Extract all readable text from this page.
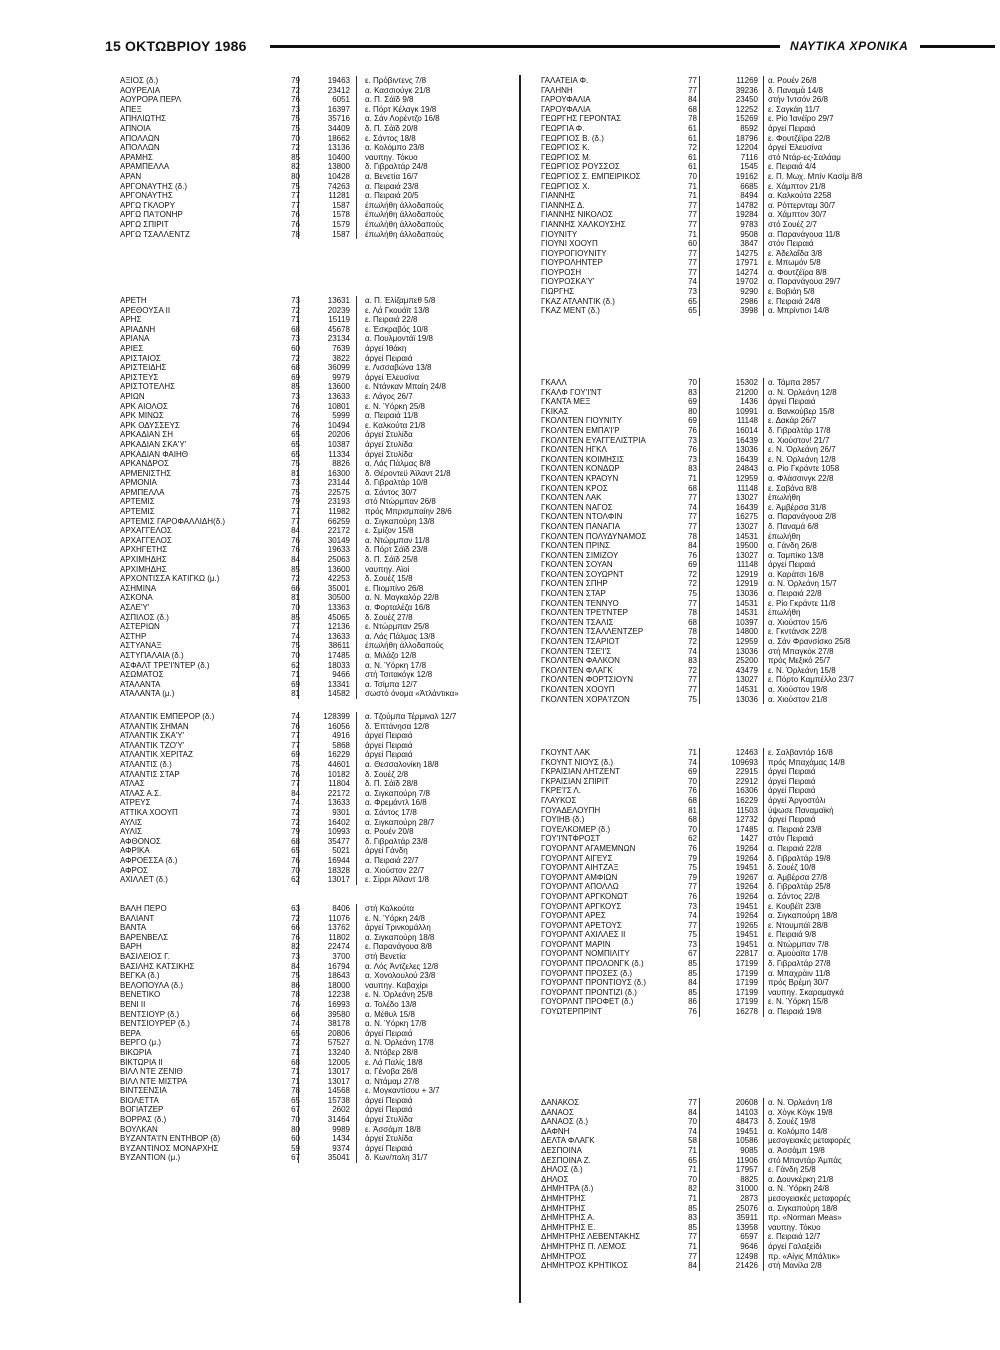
15 ΟΚΤΩΒΡΙΟΥ 1986	ΝΑΥΤΙΚΑ ΧΡΟΝΙΚΑ
ΑΞΙΟΣ (δ.)	79	19463 ε. Πρόβιντενς 7/8
ΑΟΥΡΕΛΙΑ	72	23412 α. Κασσιούγκ 21/8
ΑΟΥΡΟΡΑ ΠΕΡΛ	76	6051 α. Π. Σάϊδ 9/8
ΑΠΕΞ	73	16397 ε. Πόρτ Κέλαγκ 19/8
ΑΠΗΛΙΩΤΗΣ	75	35716 α. Σάν Λορέντζο 16/8
ΑΠΝΟΙΑ	75	34409 δ. Π. Σάϊδ 20/8
ΑΠΟΛΛΩΝ	70	18662 ε. Σάντος 18/8
ΑΠΟΛΛΩΝ	72	13136 α. Κολόμπο 23/8
ΑΡΑΜΗΣ	85	10400 ναυπηγ. Τόκυο
ΑΡΑΜΠΕΛΛΑ	82	13800 δ. Γιβραλτάρ 24/8
ΑΡΑΝ	80	10428 α. Βενετία 16/7
ΑΡΓΟΝΑΥΤΗΣ (δ.)	75	74263 α. Πειραιά 23/8
ΑΡΓΟΝΑΥΤΗΣ	77	11281 α. Πειραιά 20/5
ΑΡΓΩ ΓΚΛΟΡΥ	77	1587 έπωλήθη άλλοδαπούς
ΑΡΓΩ ΠΑ'Ι'ΟΝΗΡ	76	1578 έπωλήθη άλλοδαπούς
ΑΡΓΩ ΣΠΙΡΙΤ	76	1579 έπωλήθη άλλοδαπούς
ΑΡΓΩ ΤΣΑΛΛΕΝΤΖ	78	1587 έπωλήθη άλλοδαπούς
ΑΡΕΤΗ	73	13631 α. Π. Ἐλίζαμπεθ 5/8
ΑΡΕΘΟΥΣΑ ΙΙ	72	20239 ε. Λά Γκουάϊτ 13/8
ΑΡΗΣ	71	15119 ε. Πειραιά 22/8
ΑΡΙΑΔΝΗ	68	45678 ε. Ἐσκραβός 10/8
ΑΡΙΑΝΑ	73	23134 α. Πουλμοντάϊ 19/8
ΑΡΙΕΣ	60	7639 άργεί Ἰθάκη
ΑΡΙΣΤΑΙΟΣ	72	3822 άργεί Πειραιά
ΑΡΙΣΤΕΙΔΗΣ	68	36099 ε. Λισσαβώνα 13/8
ΑΡΙΣΤΕΥΣ	69	9979 άργεί Ἐλευσίνα
ΑΡΙΣΤΟΤΕΛΗΣ	85	13600 ε. Ντάνκαν Μπαίη 24/8
ΑΡΙΩΝ	73	13633 ε. Λάγος 26/7
ΑΡΚ ΑΙΟΛΟΣ	76	10801 ε. Ν. Ὑόρκη 25/8
ΑΡΚ ΜΙΝΩΣ	76	5999 α. Πειραιά 11/8
ΑΡΚ ΟΔΥΣΣΕΥΣ	76	10494 ε. Καλκούτα 21/8
ΑΡΚΑΔΙΑΝ ΣΗ	65	20206 άργεί Στυλίδα
ΑΡΚΑΔΙΑΝ ΣΚΑ'Υ'	65	10387 άργεί Στυλίδα
ΑΡΚΑΔΙΑΝ ΦΑΙΗΘ	65	11334 άργεί Στυλίδα
ΑΡΚΑΝΔΡΟΣ	75	8826 α. Λάς Πάλμας 8/8
ΑΡΜΕΝΙΣΤΗΣ	81	16300 δ. Θέροντεϋ Ἀϊλαντ 21/8
ΑΡΜΟΝΙΑ	73	23144 δ. Γιβραλτάρ 10/8
ΑΡΜΠΕΛΛΑ	75	22575 α. Σάντος 30/7
ΑΡΤΕΜΙΣ	79	23193 στό Ντώρμπαν 26/8
ΑΡΤΕΜΙΣ	77	11982 πρός Μπρισμπαίην 28/6
ΑΡΤΕΜΙΣ ΓΑΡΟΦΑΛΛΙΔΗ(δ.)	77	66259 α. Σιγκαπούρη 13/8
ΑΡΧΑΓΓΕΛΟΣ	84	22172 ε. Σμίζον 15/8
ΑΡΧΑΓΓΕΛΟΣ	76	30149 α. Ντώρμπαν 11/8
ΑΡΧΗΓΕΤΗΣ	76	19633 δ. Πόρτ Σάϊδ 23/8
ΑΡΧΙΜΗΔΗΣ	84	25063 δ. Π. Σάϊδ 25/8
ΑΡΧΙΜΗΔΗΣ	85	13600 ναυπηγ. Αϊοί
ΑΡΧΟΝΤΙΣΣΑ ΚΑΤΙΓΚΩ (μ.)	72	42253 δ. Σουέζ 15/8
ΑΣΗΜΙΝΑ	66	35001 ε. Πιομπίνο 26/8
ΑΣΚΟΝΑ	81	30500 α. Ν. Μαγκαλόρ 22/8
ΑΣΛΕ'Υ'	70	13363 α. Φορταλέζα 16/8
ΑΣΠΙΛΟΣ (δ.)	85	45065 δ. Σουέζ 27/8
ΑΣΤΕΡΙΩΝ	77	12136 ε. Ντώρμπαν 25/8
ΑΣΤΗΡ	74	13633 α. Λάς Πάλμας 13/8
ΑΣΤΥΑΝΑΞ	75	38611 έπωλήθη άλλοδαπούς
ΑΣΤΥΠΑΛΑΙΑ (δ.)	70	17485 α. Μιλάζο 12/8
ΑΣΦΑΛΤ ΤΡΕ'Ι'ΝΤΕΡ (δ.)	62	18033 α. Ν. Ὑόρκη 17/8
ΑΣΩΜΑΤΟΣ	71	9466 στή Τσιτακόγκ 12/8
ΑΤΑΛΑΝΤΑ	69	13341 α. Τσίμπα 12/7
ΑΤΑΛΑΝΤΑ (μ.)	81	14582 σωστό όνομα «Ἀτλάντικα»
ΑΤΛΑΝΤΙΚ ΕΜΠΕΡΟΡ (δ.)	74	128399 α. Τζούμπα Τέρμιναλ 12/7
ΑΤΛΑΝΤΙΚ ΣΗΜΑΝ	76	16056 δ. Ἐπτάνησα 12/8
ΑΤΛΑΝΤΙΚ ΣΚΑ'Υ'	77	4916 άργεί Πειραιά
ΑΤΛΑΝΤΙΚ ΤΖΟ'Υ'	77	5868 άργεί Πειραιά
ΑΤΛΑΝΤΙΚ ΧΕΡΙΤΑΖ	69	16229 άργεί Πειραιά
ΑΤΛΑΝΤΙΣ (δ.)	75	44601 α. Θεσσαλονίκη 18/8
ΑΤΛΑΝΤΙΣ ΣΤΑΡ	76	10182 δ. Σουέζ 2/8
ΑΤΛΑΣ	77	11804 δ. Π. Σάϊδ 28/8
ΑΤΛΑΣ Α.Σ.	84	22172 α. Σιγκαπούρη 7/8
ΑΤΡΕΥΣ	74	13633 α. Φρεμάντλ 16/8
ΑΤΤΙΚΑ ΧΟΟΥΠ	72	9301 α. Σάντος 17/8
ΑΥΛΙΣ	72	16402 α. Σιγκαπούρη 28/7
ΑΥΛΙΣ	79	10993 α. Ρουέν 20/8
ΑΦΘΟΝΟΣ	68	35477 δ. Γιβραλτάρ 23/8
ΑΦΡΙΚΑ	65	5021 άργεί Γάνδη
ΑΦΡΟΕΣΣΑ (δ.)	76	16944 α. Πειραιά 22/7
ΑΦΡΟΣ	70	18328 α. Χιούστον 22/7
ΑΧΙΛΛΕΤ (δ.)	62	13017 ε. Σίρρι Ἀϊλαντ 1/8
ΒΑΛΗ ΠΕΡΟ	63	8406 στή Καλκούτα
ΒΑΛΙΑΝΤ	72	11076 ε. Ν. Ὑόρκη 24/8
ΒΑΝΤΑ	66	13762 άργεί Τρινκομάλλη
ΒΑΡΕΝΒΕΛΣ	76	11802 α. Σιγκαπούρη 18/8
ΒΑΡΗ	82	22474 ε. Παρανάγουα 8/8
ΒΑΣΙΛΕΙΟΣ Γ.	73	3700 στή Βενετία
ΒΑΣΙΛΗΣ ΚΑΤΣΙΚΗΣ	84	16794 α. Λός Ἀντζελες 12/8
ΒΕΓΚΑ (δ.)	75	18643 α. Χονολουλού 23/8
ΒΕΛΟΠΟΥΛΑ (δ.)	86	18000 ναυπηγ. Καβαχίρι
ΒΕΝΕΤΙΚΟ	78	12238 ε. Ν. Ὀρλεάνη 25/8
ΒΕΝΙ ΙΙ	76	16993 α. Τολέδο 13/8
ΒΕΝΤΣΙΟΥΡ (δ.)	66	39580 α. Μέθυλ 15/8
ΒΕΝΤΣΙΟΥΡΕΡ (δ.)	74	38178 α. Ν. Ὑόρκη 17/8
ΒΕΡΑ	65	20806 άργεί Πειραιά
ΒΕΡΓΟ (μ.)	72	57527 α. Ν. Ὀρλεάνη 17/8
ΒΙΚΩΡΙΑ	71	13240 δ. Ντόβερ 28/8
ΒΙΚΤΩΡΙΑ ΙΙ	68	12005 ε. Λά Παλίς 18/8
ΒΙΛΛ ΝΤΕ ΖΕΝΙΘ	71	13017 α. Γένοβα 26/8
ΒΙΛΛ ΝΤΕ ΜΙΣΤΡΑ	71	13017 α. Ντάμαμ 27/8
ΒΙΝΤΣΕΝΣΙΑ	78	14568 ε. Μογκαντίσου + 3/7
ΒΙΟΛΕΤΤΑ	65	15738 άργεί Πειραιά
ΒΟΓΙΑΤΖΕΡ	67	2602 άργεί Πειραιά
ΒΟΡΡΑΣ (δ.)	70	31464 άργεί Στυλίδα
ΒΟΥΛΚΑΝ	80	9989 ε. Ἀσσάμπ 18/8
ΒΥΖΑΝΤΑ'Ι'Ν ΕΝΤΗΒΟΡ (δ)	60	1434 άργεί Στυλίδα
ΒΥΖΑΝΤΙΝΟΣ ΜΟΝΑΡΧΗΣ	59	9374 άργεί Πειραιά
ΒΥΖΑΝΤΙΟΝ (μ.)	67	35041 δ. Κων/πολη 31/7
ΓΑΛΑΤΕΙΑ Φ.	77	11269 α. Ρουέν 26/8
ΓΑΛΗΝΗ	77	39236 δ. Παναμά 14/8
ΓΑΡΟΥΦΑΛΙΑ	84	23450 στήν Ἰντσόν 26/8
ΓΑΡΟΥΦΑΛΙΑ	68	12252 ε. Σαγκάη 11/7
ΓΕΩΡΓΗΣ ΓΕΡΟΝΤΑΣ	78	15269 ε. Ρίο Ἰανέϊρο 29/7
ΓΕΩΡΓΙΑ Φ.	61	8592 άργεί Πειραιά
ΓΕΩΡΓΙΟΣ Β. (δ.)	61	18796 ε. Φουτζέϊρα 22/8
ΓΕΩΡΓΙΟΣ Κ.	72	12204 άργεί Ἐλευσίνα
ΓΕΩΡΓΙΟΣ Μ.	61	7116 στό Ντάρ-ες-Σαλάαμ
ΓΕΩΡΓΙΟΣ ΡΟΥΣΣΟΣ	61	1545 ε. Πειραιά 4/4
ΓΕΩΡΓΙΟΣ Σ. ΕΜΠΕΙΡΙΚΟΣ	70	19162 ε. Π. Μωχ. Μπίν Κασίμ 8/8
ΓΕΩΡΓΙΟΣ Χ.	71	6685 ε. Χάμπτον 21/8
ΓΙΑΝΝΗΣ	71	8494 α. Καλκούτα 2258
ΓΙΑΝΝΗΣ Δ.	77	14782 α. Ρόττερνταμ 30/7
ΓΙΑΝΝΗΣ ΝΙΚΟΛΟΣ	77	19284 α. Χάμπτον 30/7
ΓΙΑΝΝΗΣ ΧΑΛΚΟΥΣΗΣ	77	9783 στό Σουέζ 2/7
ΓΙΟΥΝΙΤΥ	71	9508 α. Παρανάγουα 11/8
ΓΙΟΥΝΙ ΧΟΟΥΠ	60	3847 στόν Πειραιά
ΓΙΟΥΡΟΓΙΟΥΝΙΤΥ	77	14275 ε. Ἀδελαΐδα 3/8
ΓΙΟΥΡΟΛΗΝΤΕΡ	77	17971 ε. Μπωμόν 5/8
ΓΙΟΥΡΟΣΗ	77	14274 α. Φουτζέϊρα 8/8
ΓΙΟΥΡΟΣΚΑ'Υ'	74	19702 α. Παρανάγουα 29/7
ΓΙΩΡΓΗΣ	73	9290 ε. Βοβιάη 5/8
ΓΚΑΖ ΑΤΛΑΝΤΙΚ (δ.)	65	2986 ε. Πειραιά 24/8
ΓΚΑΖ ΜΕΝΤ (δ.)	65	3998 α. Μπρίντισι 14/8
ΓΚΑΛΛ	70	15302 α. Τάμπα 2857
ΓΚΑΛΦ ΓΟΥ'Ι'ΝΤ	83	21200 α. Ν. Ὀρλεάνη 12/8
ΓΚΑΝΤΑ ΜΕΞ	69	1436 άργεί Πειραιά
ΓΚΙΚΑΣ	80	10991 α. Βανκούβερ 15/8
ΓΚΟΛΝΤΕΝ ΓΙΟΥΝΙΤΥ	69	11148 ε. Δακάρ 26/7
ΓΚΟΛΝΤΕΝ ΕΜΠΑ'Ι'Ρ	76	16014 δ. Γιβραλτάρ 17/8
ΓΚΟΛΝΤΕΝ ΕΥΑΓΓΕΛΙΣΤΡΙΑ	73	16439 α. Χιούστον! 21/7
ΓΚΟΛΝΤΕΝ ΗΓΚΛ	76	13036 ε. Ν. Ὀρλεάνη 26/7
ΓΚΟΛΝΤΕΝ ΚΟΙΜΗΣΙΣ	73	16439 ε. Ν. Ὀρλεάνη 12/8
ΓΚΟΛΝΤΕΝ ΚΟΝΔΩΡ	83	24843 α. Ρίο Γκράντε 1058
ΓΚΟΛΝΤΕΝ ΚΡΑΟΥΝ	71	12959 α. Φλάσσινγκ 22/8
ΓΚΟΛΝΤΕΝ ΚΡΟΣ	68	11148 ε. Σαβάνα 8/8
ΓΚΟΛΝΤΕΝ ΛΑΚ	77	13027 έπωλήθη
ΓΚΟΛΝΤΕΝ ΝΑΓΟΣ	74	16439 ε. Ἀμβέρσα 31/8
ΓΚΟΛΝΤΕΝ ΝΤΟΛΦΙΝ	77	16275 α. Παρανάγουα 2/8
ΓΚΟΛΝΤΕΝ ΠΑΝΑΓΙΑ	77	13027 δ. Παναμά 6/8
ΓΚΟΛΝΤΕΝ ΠΟΛΥΔΥΝΑΜΟΣ	78	14531 έπωλήθη
ΓΚΟΛΝΤΕΝ ΠΡΙΝΣ	84	19500 α. Γάνδη 26/8
ΓΚΟΛΝΤΕΝ ΣΙΜΙΖΟΥ	76	13027 α. Ταμπίκο 13/8
ΓΚΟΛΝΤΕΝ ΣΟΥΑΝ	69	11148 άργεί Πειραιά
ΓΚΟΛΝΤΕΝ ΣΟΥΩΡΝΤ	72	12919 α. Καράτσι 16/8
ΓΚΟΛΝΤΕΝ ΣΠΗΡ	72	12919 α. Ν. Ὀρλεάνη 15/7
ΓΚΟΛΝΤΕΝ ΣΤΑΡ	75	13036 α. Πειραιά 22/8
ΓΚΟΛΝΤΕΝ ΤΕΝΝΥΟ	77	14531 ε. Ρίο Γκράντε 11/8
ΓΚΟΛΝΤΕΝ ΤΡΕ'Ι'ΝΤΕΡ	78	14531 έπωλήθη
ΓΚΟΛΝΤΕΝ ΤΣΑΛΙΣ	68	10397 α. Χιούστον 15/6
ΓΚΟΛΝΤΕΝ ΤΣΑΛΛΕΝΤΖΕΡ	78	14800 ε. Γκντάνσκ 22/8
ΓΚΟΛΝΤΕΝ ΤΣΑΡΙΟΤ	72	12959 α. Σάν Φρανσίσκο 25/8
ΓΚΟΛΝΤΕΝ ΤΣΕ'Ι'Σ	74	13036 στή Μπαγκόκ 27/8
ΓΚΟΛΝΤΕΝ ΦΑΛΚΟΝ	83	25200 πρός Μεξικό 25/7
ΓΚΟΛΝΤΕΝ ΦΛΑΓΚ	72	43479 ε. Ν. Ὀρλεάνη 15/8
ΓΚΟΛΝΤΕΝ ΦΟΡΤΣΙΟΥΝ	77	13027 ε. Πόρτο Καμπέλλο 23/7
ΓΚΟΛΝΤΕΝ ΧΟΟΥΠ	77	14531 α. Χιούστον 19/8
ΓΚΟΛΝΤΕΝ ΧΟΡΑ'Ι'ΖΟΝ	75	13036 α. Χιούστον 21/8
ΓΚΟΥΝΤ ΛΑΚ	71	12463 ε. Σαλβαντόρ 16/8
ΓΚΟΥΝΤ ΝΙΟΥΣ (δ.)	74	109693 πρός Μπαχάμας 14/8
ΓΚΡΑΙΣΙΑΝ ΛΗΤΖΕΝΤ	69	22915 άργεί Πειραιά
ΓΚΡΑΙΣΙΑΝ ΣΠΙΡΙΤ	70	22912 άργεί Πειραιά
ΓΚΡΕ'Ι'Σ Λ.	76	16306 άργεί Πειραιά
ΓΛΑΥΚΟΣ	68	16229 άργεί Ἀργοστόλι
ΓΟΥΑΔΕΛΟΥΠΗ	81	11503 ύψωσε Παναμαϊκή
ΓΟΥΙΗΒ (δ.)	68	12732 άργεί Πειραιά
ΓΟΥΕΛΚΟΜΕΡ (δ.)	70	17485 α. Πειραιά 23/8
ΓΟΥ'Ι'ΝΤΦΡΟΣΤ	62	1427 στόν Πειραιά
ΓΟΥΟΡΛΝΤ ΑΓΑΜΕΜΝΩΝ	76	19264 α. Πειραιά 22/8
ΓΟΥΟΡΛΝΤ ΑΙΓΕΥΣ	79	19264 δ. Γιβραλτάρ 19/8
ΓΟΥΟΡΛΝΤ ΑΙΗΤΖΑΞ	75	19451 δ. Σουέζ 10/8
ΓΟΥΟΡΛΝΤ ΑΜΦΙΩΝ	79	19267 α. Ἀμβέρσα 27/8
ΓΟΥΟΡΛΝΤ ΑΠΟΛΛΩ	77	19264 δ. Γιβραλτάρ 25/8
ΓΟΥΟΡΛΝΤ ΑΡΓΚΟΝΩΤ	76	19264 α. Σάντος 22/8
ΓΟΥΟΡΛΝΤ ΑΡΓΚΟΥΣ	73	19451 ε. Κουβέϊτ 23/8
ΓΟΥΟΡΛΝΤ ΑΡΕΣ	74	19264 α. Σιγκαπούρη 18/8
ΓΟΥΟΡΛΝΤ ΑΡΕΤΟΥΣ	77	19265 ε. Ντουμπάϊ 28/8
ΓΟΥΟΡΛΝΤ ΑΧΙΛΛΕΣ ΙΙ	75	19451 ε. Πειραιά 9/8
ΓΟΥΟΡΛΝΤ ΜΑΡΙΝ	73	19451 α. Ντώρμπαν 7/8
ΓΟΥΟΡΛΝΤ ΝΟΜΠΙΛΙΤΥ	67	22817 α. Ἀμούαϊτα 17/8
ΓΟΥΟΡΛΝΤ ΠΡΟΛΟΝΓΚ (δ.)	85	17199 δ. Γιβραλτάρ 27/8
ΓΟΥΟΡΛΝΤ ΠΡΟΣΕΣ (δ.)	85	17199 α. Μπαχράιν 11/8
ΓΟΥΟΡΛΝΤ ΠΡΟΝΤΙΟΥΣ (δ.)	84	17199 πρός Βρέμη 30/7
ΓΟΥΟΡΛΝΤ ΠΡΟΝΤΙΖΙ (δ.)	85	17199 ναυπηγ. Σκαραμαγκά
ΓΟΥΟΡΛΝΤ ΠΡΟΦΕΤ (δ.)	86	17199 ε. Ν. Ὑόρκη 15/8
ΓΟΥΩΤΕΡΠΡΙΝΤ	76	16278 α. Πειραιά 19/8
ΔΑΝΑΚΟΣ	77	20608 α. Ν. Ὀρλεάνη 1/8
ΔΑΝΑΟΣ	84	14103 α. Χόγκ Κόγκ 19/8
ΔΑΝΑΟΣ (δ.)	70	48473 δ. Σουέζ 19/8
ΔΑΦΝΗ	74	19451 α. Κολόμπο 14/8
ΔΕΛΤΑ ΦΛΑΓΚ	58	10586 μεσογειακές μεταφορές
ΔΕΣΠΟΙΝΑ	71	9085 α. Ἀσσάμπ 19/8
ΔΕΣΠΟΙΝΑ Ζ.	65	11906 στό Μπαντάρ Ἀμπάς
ΔΗΛΟΣ (δ.)	71	17957 ε. Γάνδη 25/8
ΔΗΛΟΣ	70	8825 α. Δουνκέρκη 21/8
ΔΗΜΗΤΡΑ (δ.)	82	31000 α. Ν. Ὑόρκη 24/8
ΔΗΜΗΤΡΗΣ	71	2873 μεσογειακές μεταφορές
ΔΗΜΗΤΡΗΣ	85	25076 α. Σιγκαπούρη 18/8
ΔΗΜΗΤΡΗΣ Α.	83	35911 πρ. «Norman Meas»
ΔΗΜΗΤΡΗΣ Ε.	85	13958 ναυπηγ. Τόκυο
ΔΗΜΗΤΡΗΣ ΛΕΒΕΝΤΑΚΗΣ	77	6597 ε. Πειραιά 12/7
ΔΗΜΗΤΡΗΣ Π. ΛΕΜΟΣ	71	9646 άργεί Γαλαξείδι
ΔΗΜΗΤΡΟΣ	77	12498 πρ. «Αίγις Μπάλτικ»
ΔΗΜΗΤΡΟΣ ΚΡΗΤΙΚΟΣ	84	21426 στή Μανίλα 2/8
